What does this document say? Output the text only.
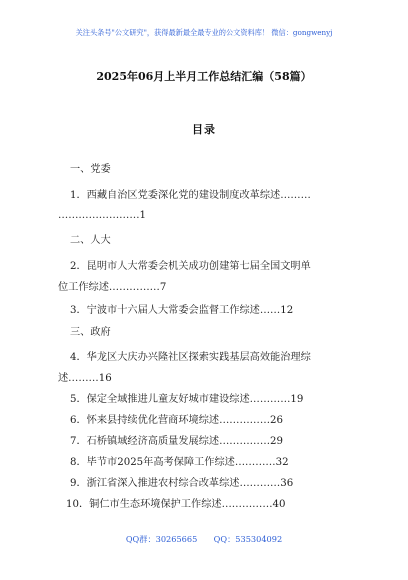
关注头条号"公文研究"，获得最新最全最专业的公文资料库！ 微信：gongwenyj
2025年06月上半月工作总结汇编（58篇）
目录
一、党委
1．西藏自治区党委深化党的建设制度改革综述………
……………………1
二、人大
2．昆明市人大常委会机关成功创建第七届全国文明单
位工作综述……………7
3．宁波市十六届人大常委会监督工作综述……12
三、政府
4．华龙区大庆办兴隆社区探索实践基层高效能治理综
述………16
5．保定全域推进儿童友好城市建设综述…………19
6．怀来县持续优化营商环境综述……………26
7．石桥镇域经济高质量发展综述……………29
8．毕节市2025年高考保障工作综述…………32
9．浙江省深入推进农村综合改革综述…………36
10．铜仁市生态环境保护工作综述……………40
QQ群：30265665　　QQ：535304092
